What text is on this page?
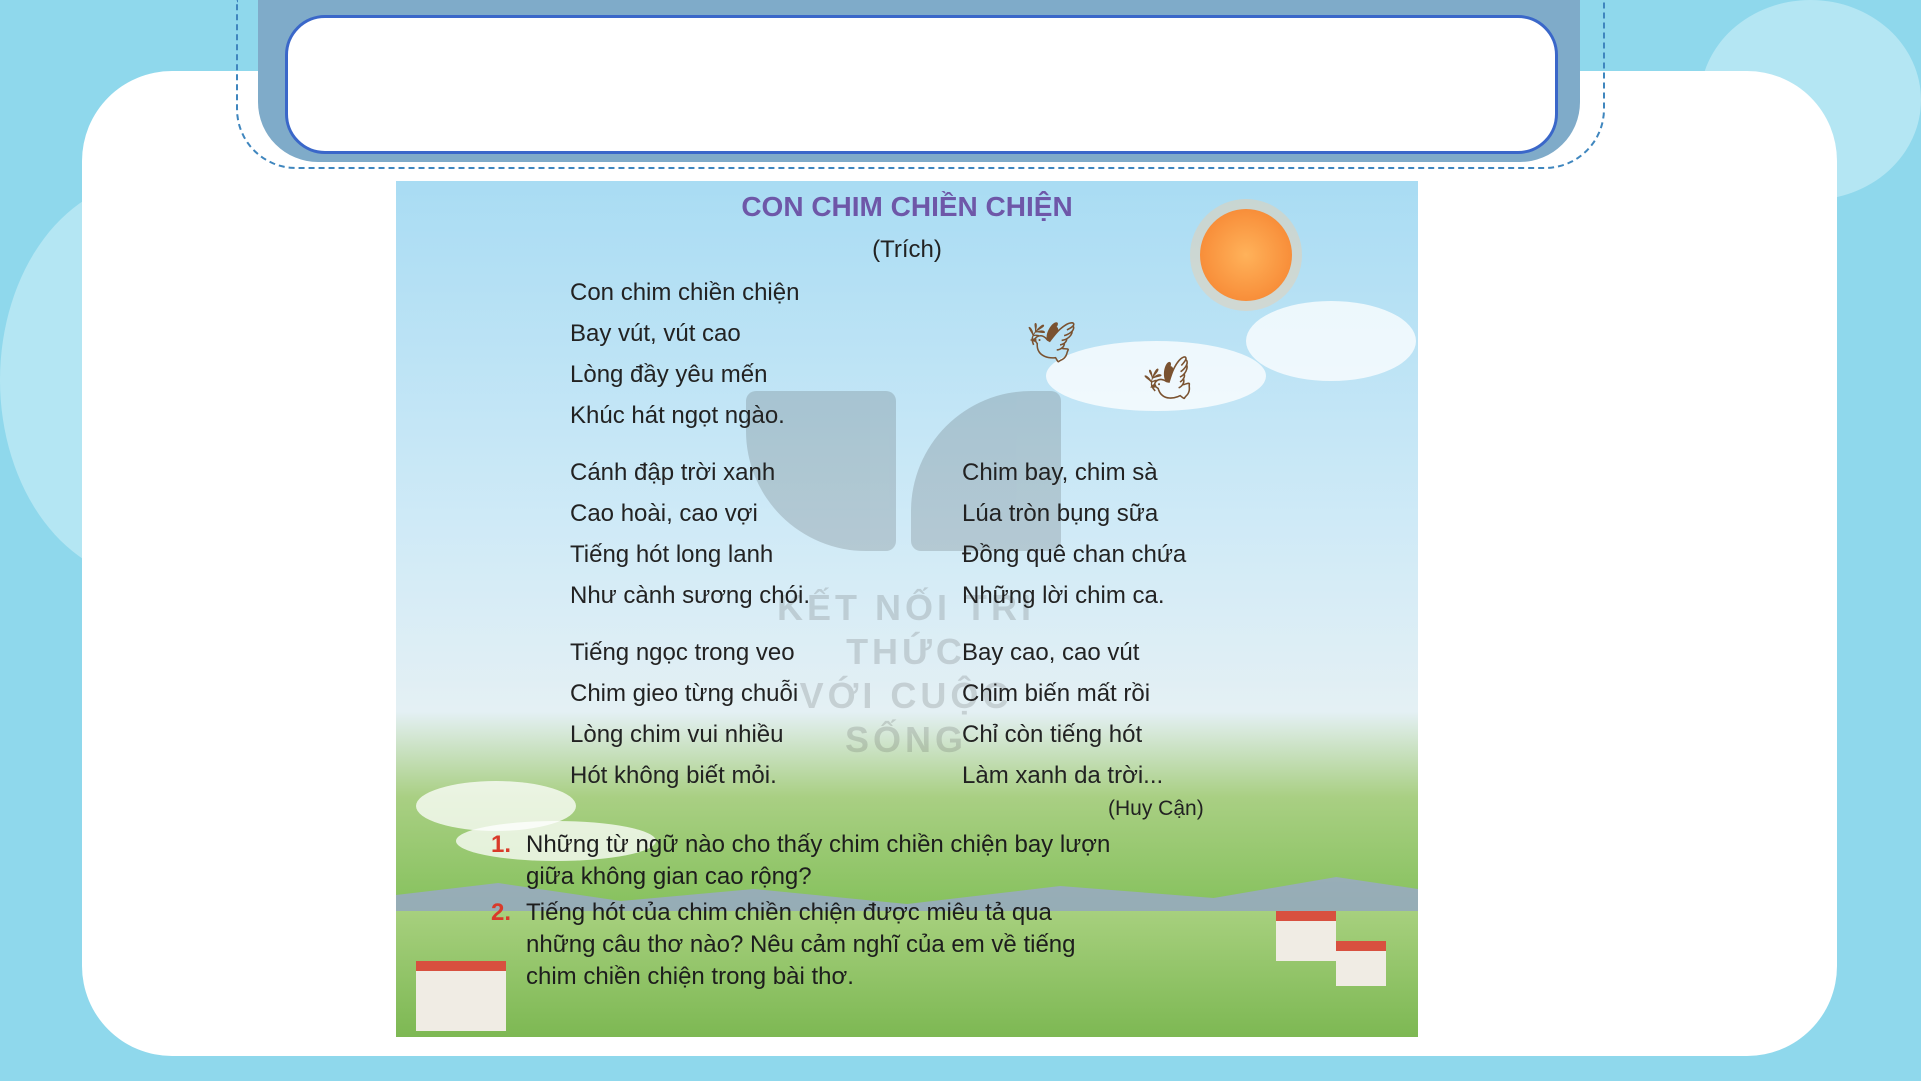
🕊
🕊
KẾT NỐI TRI THỨC
VỚI CUỘC SỐNG
CON CHIM CHIỀN CHIỆN
(Trích)
Con chim chiền chiện
Bay vút, vút cao
Lòng đầy yêu mến
Khúc hát ngọt ngào.
Cánh đập trời xanh
Cao hoài, cao vợi
Tiếng hót long lanh
Như cành sương chói.
Tiếng ngọc trong veo
Chim gieo từng chuỗi
Lòng chim vui nhiều
Hót không biết mỏi.
Chim bay, chim sà
Lúa tròn bụng sữa
Đồng quê chan chứa
Những lời chim ca.
Bay cao, cao vút
Chim biến mất rồi
Chỉ còn tiếng hót
Làm xanh da trời...
(Huy Cận)
1. Những từ ngữ nào cho thấy chim chiền chiện bay lượn giữa không gian cao rộng?
2. Tiếng hót của chim chiền chiện được miêu tả qua những câu thơ nào? Nêu cảm nghĩ của em về tiếng chim chiền chiện trong bài thơ.
